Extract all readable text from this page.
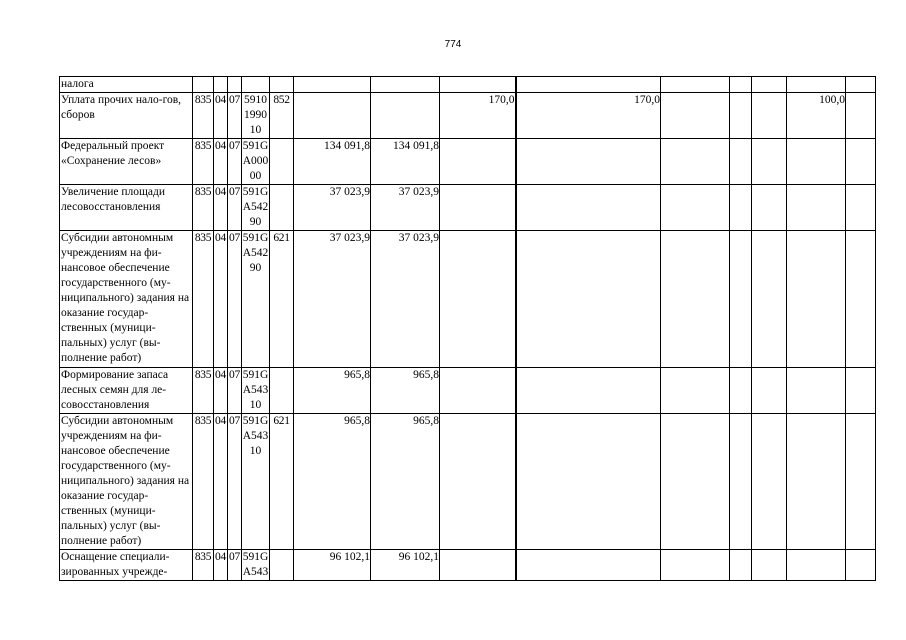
774
налога														
Уплата прочих нало-гов, сборов	835	04	07	5910
1990
10	852			170,0	170,0				100,0	
Федеральный проект «Сохранение лесов»	835	04	07	591G
A000
00		134 091,8	134 091,8							
Увеличение площади лесовосстановления	835	04	07	591G
A542
90		37 023,9	37 023,9							
Субсидии автономным учреждениям на фи-нансовое обеспечение государственного (му-ниципального) задания на оказание государ-ственных (муници-пальных) услуг (вы-полнение работ)	835	04	07	591G
A542
90	621	37 023,9	37 023,9							
Формирование запаса лесных семян для ле-совосстановления	835	04	07	591G
A543
10		965,8	965,8							
Субсидии автономным учреждениям на фи-нансовое обеспечение государственного (му-ниципального) задания на оказание государ-ственных (муници-пальных) услуг (вы-полнение работ)	835	04	07	591G
A543
10	621	965,8	965,8							
Оснащение специали-зированных учрежде-	835	04	07	591G
A543		96 102,1	96 102,1							
